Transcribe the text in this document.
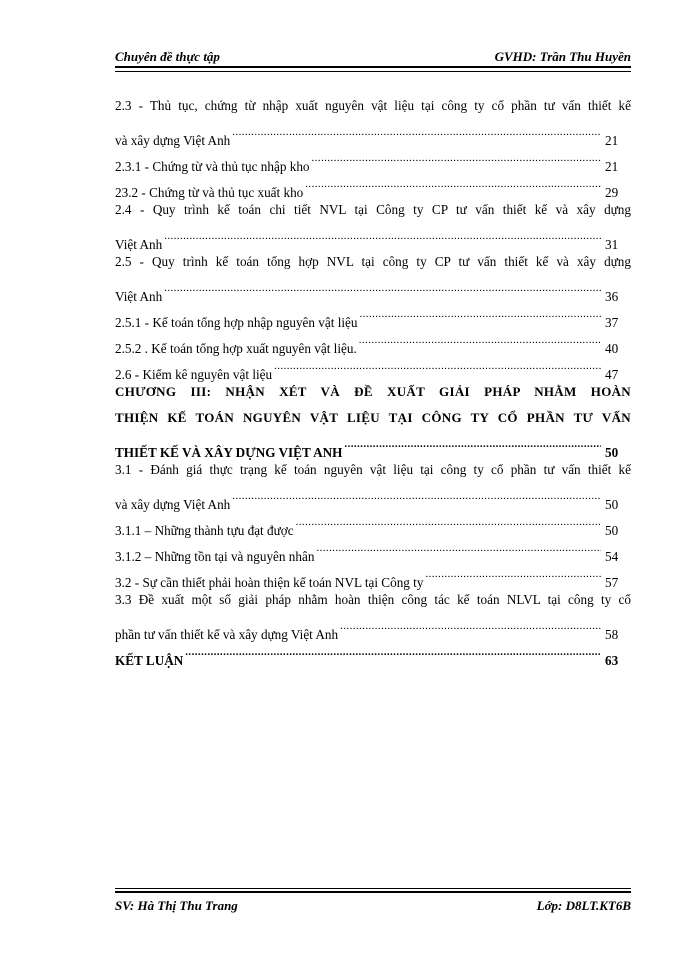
Chuyên đề thực tập	GVHD: Trần Thu Huyền
2.3 - Thủ tục, chứng từ nhập xuất nguyên vật liệu tại công ty cổ phần tư vấn thiết kế
và xây dựng Việt Anh .....	21
2.3.1 - Chứng từ và thủ tục nhập kho .....	21
23.2 - Chứng từ và thủ tục xuất kho .....	29
2.4 - Quy trình kế toán chi tiết NVL tại Công ty CP tư vấn thiết kế và xây dựng
Việt Anh .....	31
2.5 - Quy trình kế toán tổng hợp NVL tại công ty CP tư vấn thiết kế và xây dựng
Việt Anh .....	36
2.5.1 - Kế toán tổng hợp nhập nguyên vật liệu .....	37
2.5.2 . Kế toán tổng hợp xuất nguyên vật liệu. .....	40
2.6 - Kiểm kê nguyên vật liệu .....	47
CHƯƠNG III: NHẬN XÉT VÀ ĐỀ XUẤT GIẢI PHÁP NHẰM HOÀN
THIỆN KẾ TOÁN NGUYÊN VẬT LIỆU TẠI CÔNG TY CỔ PHẦN TƯ VẤN
THIẾT KẾ VÀ XÂY DỰNG VIỆT ANH .....	50
3.1 - Đánh giá thực trạng kế toán nguyên vật liệu tại công ty cổ phần tư vấn thiết kế
và xây dựng Việt Anh .....	50
3.1.1 – Những thành tựu đạt được .....	50
3.1.2 – Những tồn tại và nguyên nhân .....	54
3.2 - Sự cần thiết phải hoàn thiện kế toán NVL tại Công ty .....	57
3.3 Đề xuất một số giải pháp nhằm hoàn thiện công tác kế toán NLVL tại công ty cổ
phần tư vấn thiết kế và xây dựng Việt Anh .....	58
KẾT LUẬN .....	63
SV: Hà Thị Thu Trang	Lớp: D8LT.KT6B
